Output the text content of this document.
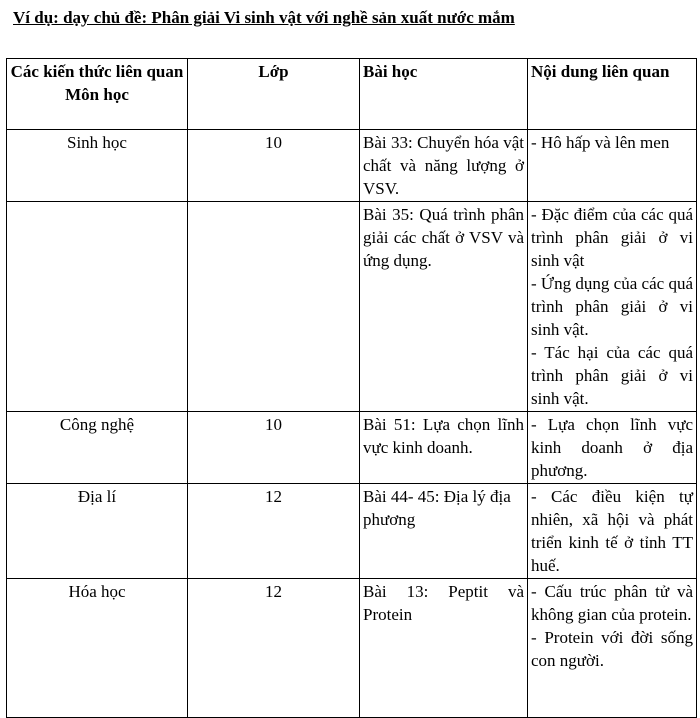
Ví dụ: dạy chủ đề: Phân giải Vi sinh vật với nghề sản xuất nước mắm
Các kiến thức liên quan Môn học	Lớp	Bài học	Nội dung liên quan
Sinh học	10	Bài 33: Chuyển hóa vật chất và năng lượng ở VSV.	- Hô hấp và lên men

		Bài 35: Quá trình phân giải các chất ở VSV và ứng dụng.	- Đặc điểm của các quá trình phân giải ở vi sinh vật
- Ứng dụng của các quá trình phân giải ở vi sinh vật.
- Tác hại của các quá trình phân giải ở vi sinh vật.

Công nghệ	10	Bài 51: Lựa chọn lĩnh vực kinh doanh.	- Lựa chọn lĩnh vực kinh doanh ở địa phương.

Địa lí	12	Bài 44- 45: Địa lý địa phương	- Các điều kiện tự nhiên, xã hội và phát triển kinh tế ở tỉnh TT huế.

Hóa học	12	Bài 13: Peptit và Protein	- Cấu trúc phân tử và không gian của protein.
- Protein với đời sống con người.
